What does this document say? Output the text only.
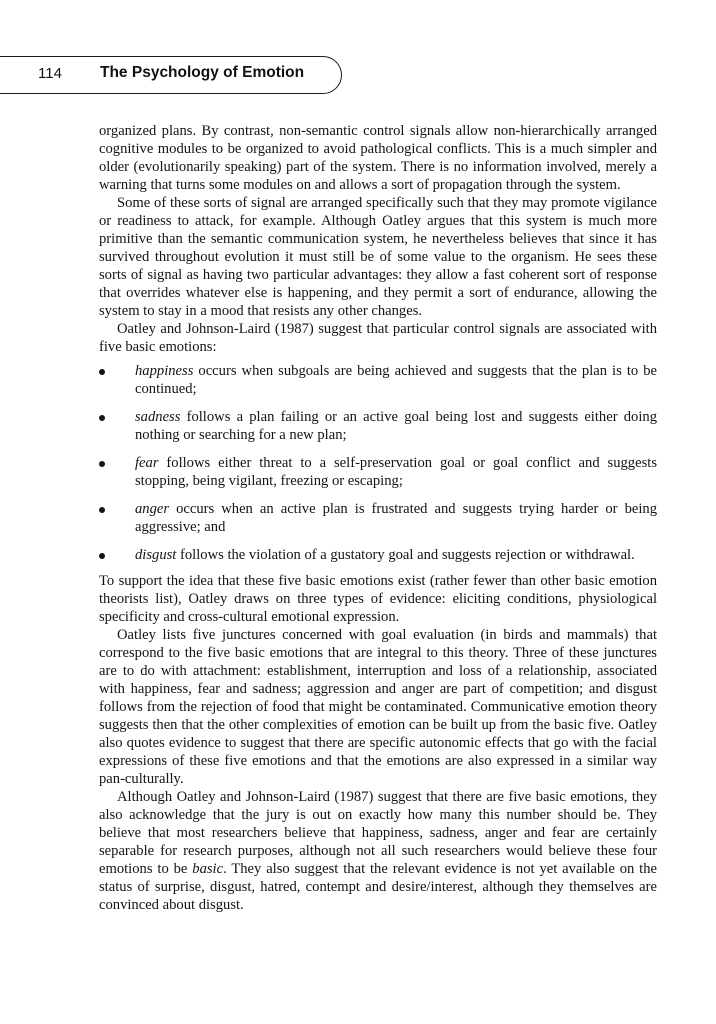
114 The Psychology of Emotion

organized plans. By contrast, non-semantic control signals allow non-hierarchically arranged cognitive modules to be organized to avoid pathological conflicts. This is a much simpler and older (evolutionarily speaking) part of the system. There is no information involved, merely a warning that turns some modules on and allows a sort of propagation through the system.

Some of these sorts of signal are arranged specifically such that they may promote vigilance or readiness to attack, for example. Although Oatley argues that this system is much more primitive than the semantic communication system, he nevertheless believes that since it has survived throughout evolution it must still be of some value to the organism. He sees these sorts of signal as having two particular advantages: they allow a fast coherent sort of response that overrides whatever else is happening, and they permit a sort of endurance, allowing the system to stay in a mood that resists any other changes.

Oatley and Johnson-Laird (1987) suggest that particular control signals are associated with five basic emotions:

happiness occurs when subgoals are being achieved and suggests that the plan is to be continued;
sadness follows a plan failing or an active goal being lost and suggests either doing nothing or searching for a new plan;
fear follows either threat to a self-preservation goal or goal conflict and suggests stopping, being vigilant, freezing or escaping;
anger occurs when an active plan is frustrated and suggests trying harder or being aggressive; and
disgust follows the violation of a gustatory goal and suggests rejection or withdrawal.

To support the idea that these five basic emotions exist (rather fewer than other basic emotion theorists list), Oatley draws on three types of evidence: eliciting conditions, physiological specificity and cross-cultural emotional expression.

Oatley lists five junctures concerned with goal evaluation (in birds and mammals) that correspond to the five basic emotions that are integral to this theory. Three of these junctures are to do with attachment: establishment, interruption and loss of a relationship, associated with happiness, fear and sadness; aggression and anger are part of competition; and disgust follows from the rejection of food that might be contaminated. Communicative emotion theory suggests then that the other complexities of emotion can be built up from the basic five. Oatley also quotes evidence to suggest that there are specific autonomic effects that go with the facial expressions of these five emotions and that the emotions are also expressed in a similar way pan-culturally.

Although Oatley and Johnson-Laird (1987) suggest that there are five basic emotions, they also acknowledge that the jury is out on exactly how many this number should be. They believe that most researchers believe that happiness, sadness, anger and fear are certainly separable for research purposes, although not all such researchers would believe these four emotions to be basic. They also suggest that the relevant evidence is not yet available on the status of surprise, disgust, hatred, contempt and desire/interest, although they themselves are convinced about disgust.
